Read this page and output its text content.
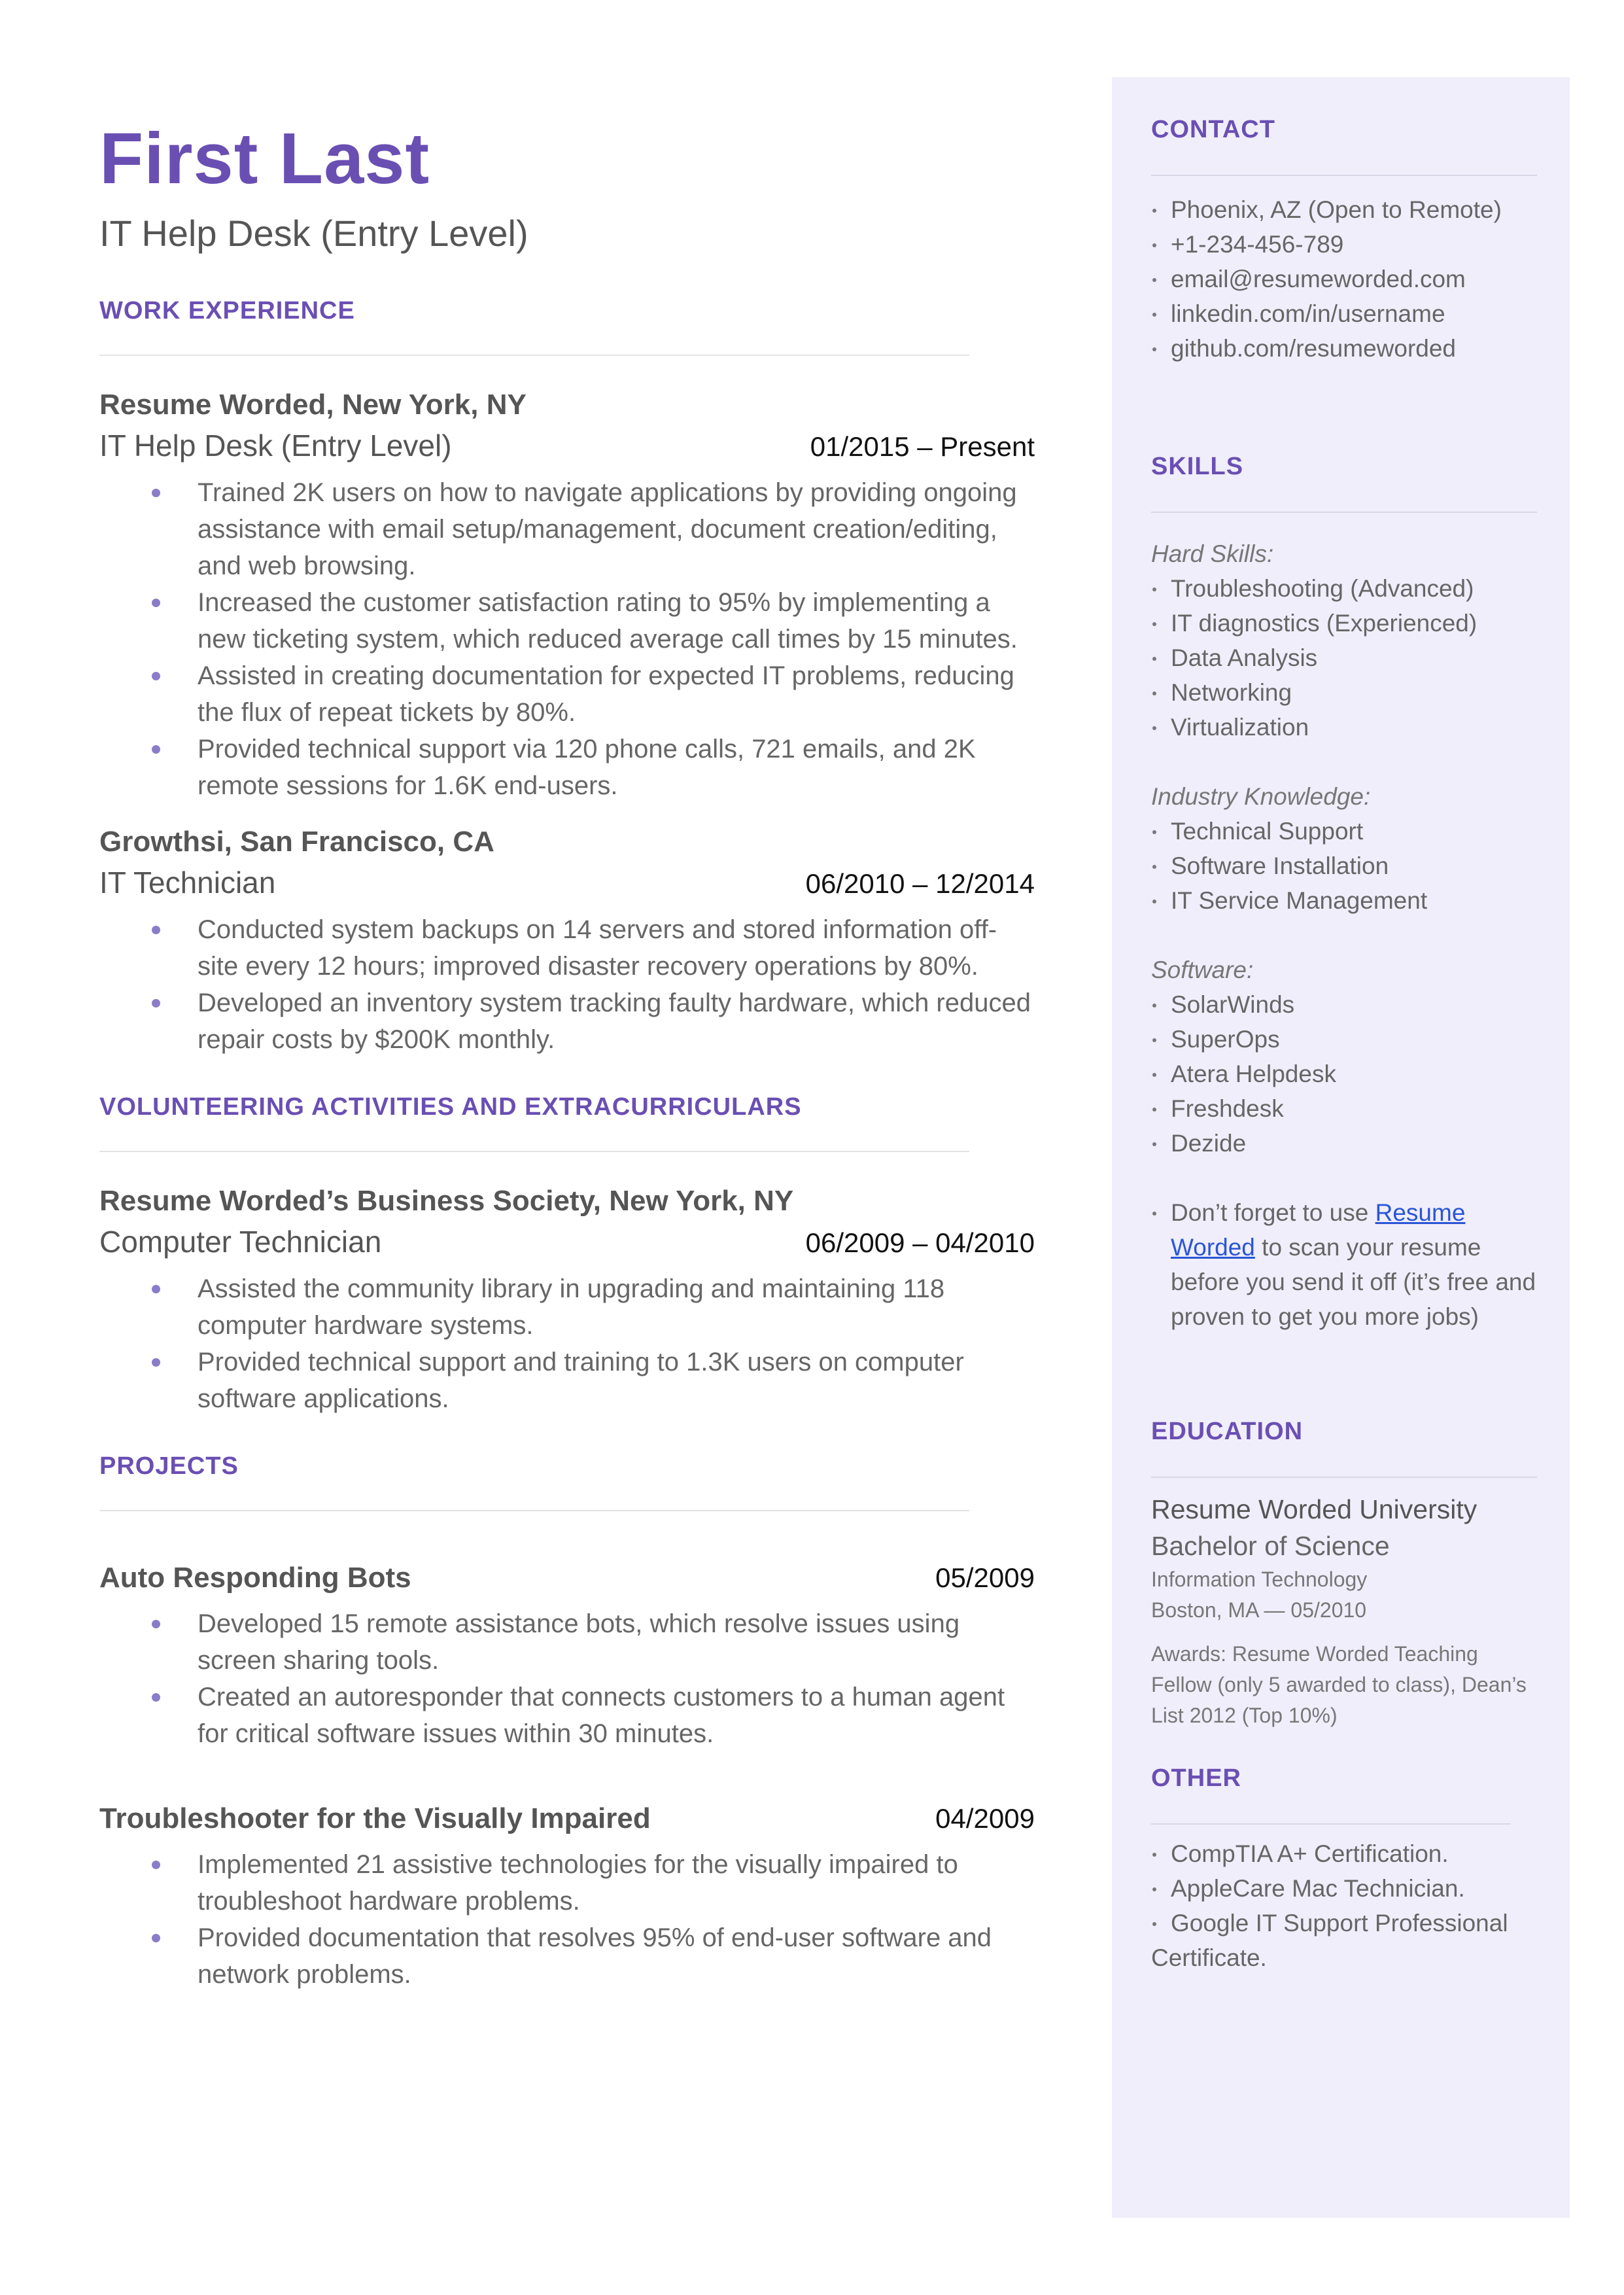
CONTACT
Phoenix, AZ (Open to Remote)
+1-234-456-789
email@resumeworded.com
linkedin.com/in/username
github.com/resumeworded
SKILLS
Hard Skills:
Troubleshooting (Advanced)
IT diagnostics (Experienced)
Data Analysis
Networking
Virtualization
Industry Knowledge:
Technical Support
Software Installation
IT Service Management
Software:
SolarWinds
SuperOps
Atera Helpdesk
Freshdesk
Dezide
Don’t forget to use Resume Worded to scan your resume before you send it off (it’s free and proven to get you more jobs)
EDUCATION
Resume Worded University
Bachelor of Science
Information Technology
Boston, MA — 05/2010
Awards: Resume Worded Teaching Fellow (only 5 awarded to class), Dean’s List 2012 (Top 10%)
OTHER
CompTIA A+ Certification.
AppleCare Mac Technician.
Google IT Support Professional Certificate.
First Last
IT Help Desk (Entry Level)
WORK EXPERIENCE
Resume Worded, New York, NY
IT Help Desk (Entry Level)	01/2015 – Present
Trained 2K users on how to navigate applications by providing ongoing assistance with email setup/management, document creation/editing, and web browsing.
Increased the customer satisfaction rating to 95% by implementing a new ticketing system, which reduced average call times by 15 minutes.
Assisted in creating documentation for expected IT problems, reducing the flux of repeat tickets by 80%.
Provided technical support via 120 phone calls, 721 emails, and 2K remote sessions for 1.6K end-users.
Growthsi, San Francisco, CA
IT Technician	06/2010 – 12/2014
Conducted system backups on 14 servers and stored information off-site every 12 hours; improved disaster recovery operations by 80%.
Developed an inventory system tracking faulty hardware, which reduced repair costs by $200K monthly.
VOLUNTEERING ACTIVITIES AND EXTRACURRICULARS
Resume Worded’s Business Society, New York, NY
Computer Technician	06/2009 – 04/2010
Assisted the community library in upgrading and maintaining 118 computer hardware systems.
Provided technical support and training to 1.3K users on computer software applications.
PROJECTS
Auto Responding Bots	05/2009
Developed 15 remote assistance bots, which resolve issues using screen sharing tools.
Created an autoresponder that connects customers to a human agent for critical software issues within 30 minutes.
Troubleshooter for the Visually Impaired	04/2009
Implemented 21 assistive technologies for the visually impaired to troubleshoot hardware problems.
Provided documentation that resolves 95% of end-user software and network problems.
